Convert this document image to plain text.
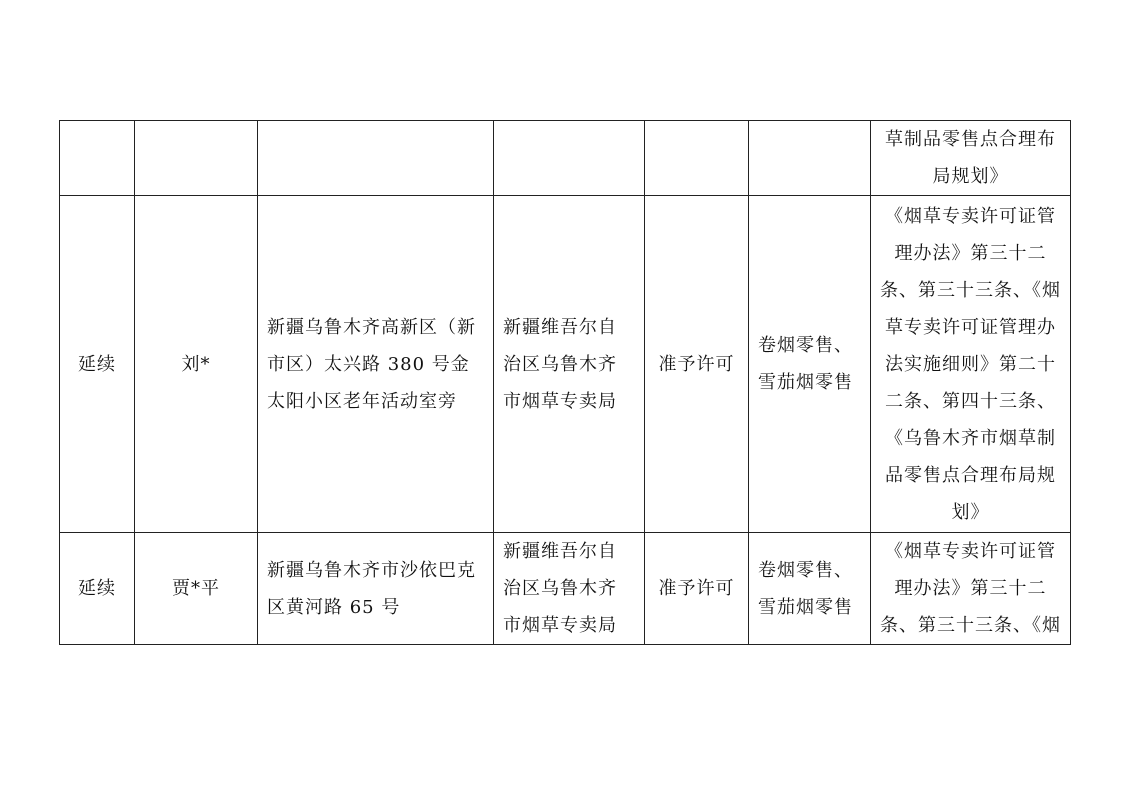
						草制品零售点合理布局规划》

延续	刘*	新疆乌鲁木齐高新区（新市区）太兴路 380 号金太阳小区老年活动室旁	新疆维吾尔自治区乌鲁木齐市烟草专卖局	准予许可	卷烟零售、雪茄烟零售	《烟草专卖许可证管理办法》第三十二条、第三十三条、《烟草专卖许可证管理办法实施细则》第二十二条、第四十三条、《乌鲁木齐市烟草制品零售点合理布局规划》

延续	贾*平	新疆乌鲁木齐市沙依巴克区黄河路 65 号	新疆维吾尔自治区乌鲁木齐市烟草专卖局	准予许可	卷烟零售、雪茄烟零售	《烟草专卖许可证管理办法》第三十二条、第三十三条、《烟
